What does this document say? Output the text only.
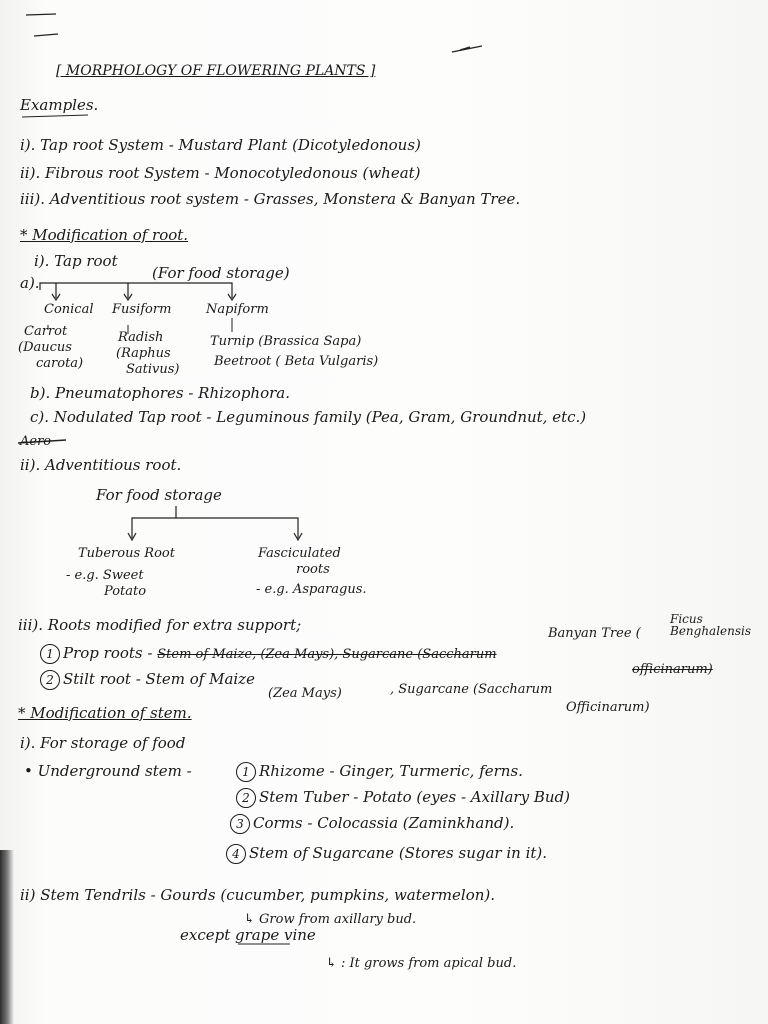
[ MORPHOLOGY OF FLOWERING PLANTS ]
Examples.
i). Tap root System - Mustard Plant (Dicotyledonous)
ii). Fibrous root System - Monocotyledonous (wheat)
iii). Adventitious root system - Grasses, Monstera & Banyan Tree.
* Modification of root.
i). Tap root
(For food storage)
a).
Conical Fusiform	Napiform
Carrot
(Daucus
carota)
Radish
(Raphus
Sativus)
Turnip (Brassica Sapa)
Beetroot ( Beta Vulgaris)
b). Pneumatophores - Rhizophora.
c). Nodulated Tap root - Leguminous family (Pea, Gram, Groundnut, etc.)
Aero
ii). Adventitious root.
For food storage
Tuberous Root
- e.g. Sweet
Potato
Fasciculated
roots
- e.g. Asparagus.
iii). Roots modified for extra support;	Banyan Tree (
Ficus
Benghalensis
1 Prop roots - Stem of Maize, (Zea Mays), Sugarcane (Saccharum
officinarum)
2 Stilt root - Stem of Maize
(Zea Mays)	, Sugarcane (Saccharum
Officinarum)
* Modification of stem.
i). For storage of food
• Underground stem -	1 Rhizome - Ginger, Turmeric, ferns.
2 Stem Tuber - Potato (eyes - Axillary Bud)
3 Corms - Colocassia (Zaminkhand).
4 Stem of Sugarcane (Stores sugar in it).
ii) Stem Tendrils - Gourds (cucumber, pumpkins, watermelon).
↳ Grow from axillary bud.
except grape vine
↳ : It grows from apical bud.
